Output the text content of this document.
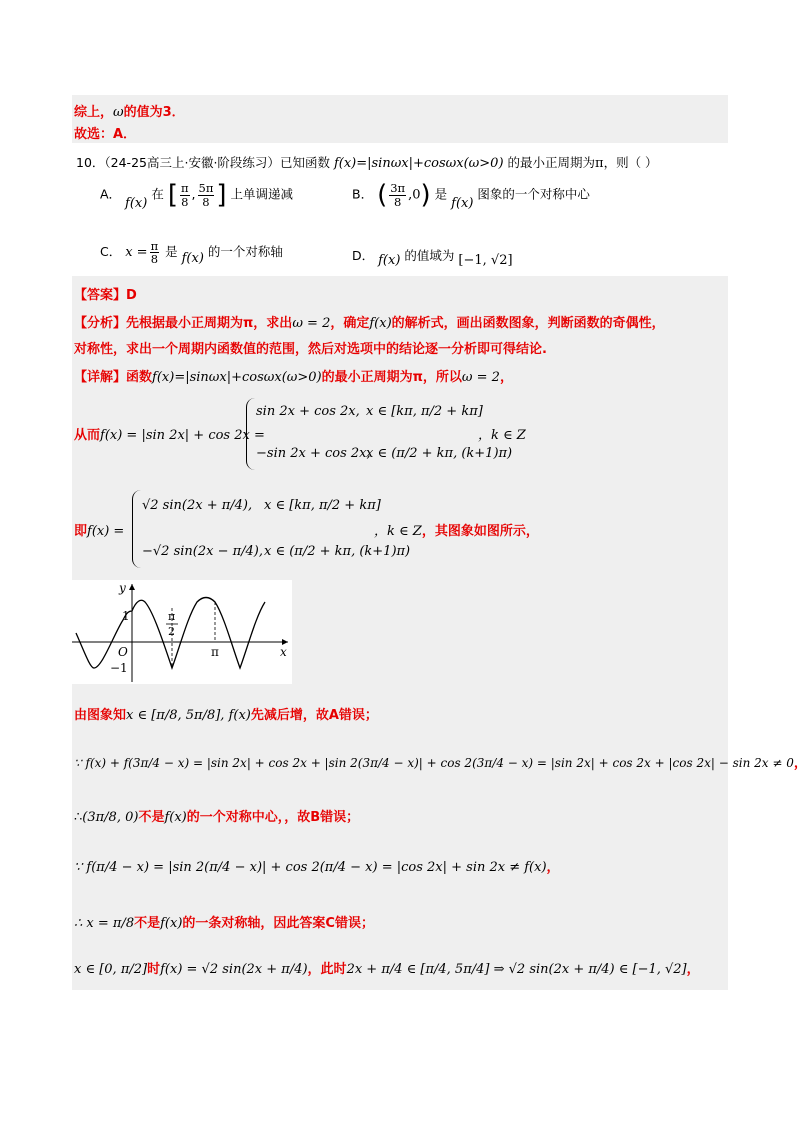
综上，ω的值为3．
故选：A．
10．（24-25高三上·安徽·阶段练习）已知函数 f(x)=|sinωx|+cosωx(ω>0) 的最小正周期为π，则（ ）
A． f(x) 在 [ $\frac{\pi}{8}$ , $\frac{5\pi}{8}$ ] 上单调递减	B． ( $\frac{3\pi}{8} ,0$) 是 f(x) 图象的一个对称中心
C． $x = \frac{\pi}{8}$ 是 f(x) 的一个对称轴	D． f(x) 的值域为 [−1, √2]
【答案】D
【分析】先根据最小正周期为π，求出ω = 2，确定f(x)的解析式，画出函数图象，判断函数的奇偶性，
对称性，求出一个周期内函数值的范围，然后对选项中的结论逐一分析即可得结论.
【详解】函数f(x)=|sinωx|+cosωx(ω>0)的最小正周期为π，所以ω = 2，
从而f(x) = |sin 2x| + cos 2x =
sin 2x + cos 2x, x ∈ [kπ, π/2 + kπ]
−sin 2x + cos 2x,
x ∈ (π/2 + kπ, (k+1)π)
，k ∈ Z
即f(x) =
√2 sin(2x + π/4), x ∈ [kπ, π/2 + kπ]
−√2 sin(2x − π/4), x ∈ (π/2 + kπ, (k+1)π)
，k ∈ Z，其图象如图所示，
y
x
O
1
−1
π
2
π
由图象知x ∈ [π/8, 5π/8], f(x)先减后增，故A错误；
∵ f(x) + f(3π/4 − x) = |sin 2x| + cos 2x + |sin 2(3π/4 − x)| + cos 2(3π/4 − x) = |sin 2x| + cos 2x + |cos 2x| − sin 2x ≠ 0，
∴(3π/8, 0)不是f(x)的一个对称中心，，故B错误；
∵ f(π/4 − x) = |sin 2(π/4 − x)| + cos 2(π/4 − x) = |cos 2x| + sin 2x ≠ f(x)，
∴ x = π/8不是f(x)的一条对称轴，因此答案C错误；
x ∈ [0, π/2]时f(x) = √2 sin(2x + π/4)，此时2x + π/4 ∈ [π/4, 5π/4] ⇒ √2 sin(2x + π/4) ∈ [−1, √2]，
